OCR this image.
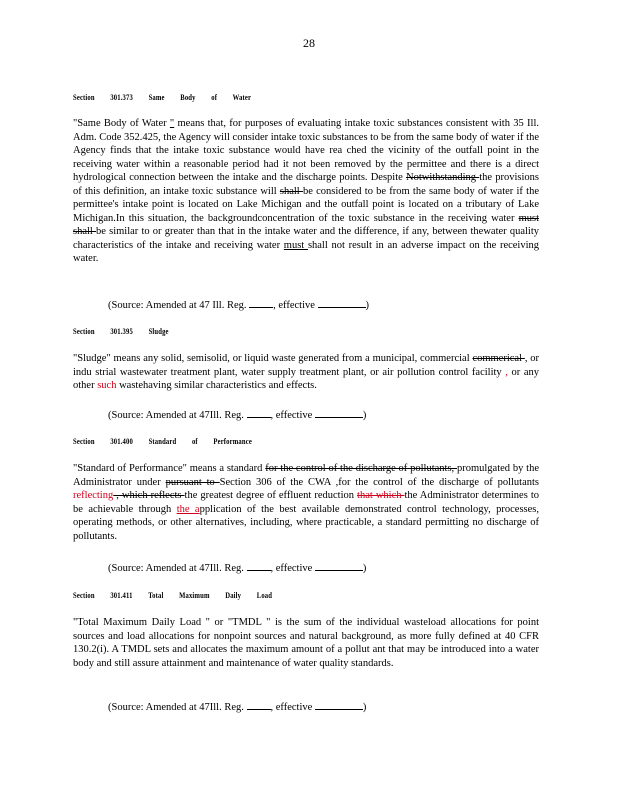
28
Section 301.373 Same Body of Water
"Same Body of Water " means that, for purposes of evaluating intake toxic substances consistent with 35 Ill. Adm. Code 352.425, the Agency will consider intake toxic substances to be from the same body of water if the Agency finds that the intake toxic substance would have rea ched the vicinity of the outfall point in the receiving water within a reasonable period had it not been removed by the permittee and there is a direct hydrological connection between the intake and the discharge points. Despite Notwithstanding the provisions of this definition, an intake toxic substance will shall be considered to be from the same body of water if the permittee's intake point is located on Lake Michigan and the outfall point is located on a tributary of Lake Michigan.In this situation, the backgroundconcentration of the toxic substance in the receiving water must shall be similar to or greater than that in the intake water and the difference, if any, between thewater quality characteristics of the intake and receiving water must shall not result in an adverse impact on the receiving water.
(Source: Amended at 47 Ill. Reg.	, effective	)
Section 301.395 Sludge
"Sludge" means any solid, semisolid, or liquid waste generated from a municipal, commercial commerical , or indu strial wastewater treatment plant, water supply treatment plant, or air pollution control facility , or any other such wastehaving similar characteristics and effects.
(Source: Amended at 47Ill. Reg.	, effective	)
Section 301.400 Standard of Performance
"Standard of Performance" means a standard for the control of the discharge of pollutants, promulgated by the Administrator under pursuant to Section 306 of the CWA ,for the control of the discharge of pollutants reflecting , which reflects the greatest degree of effluent reduction that which the Administrator determines to be achievable through the application of the best available demonstrated control technology, processes, operating methods, or other alternatives, including, where practicable, a standard permitting no discharge of pollutants.
(Source: Amended at 47Ill. Reg.	, effective	)
Section 301.411 Total Maximum Daily Load
"Total Maximum Daily Load " or "TMDL " is the sum of the individual wasteload allocations for point sources and load allocations for nonpoint sources and natural background, as more fully defined at 40 CFR 130.2(i). A TMDL sets and allocates the maximum amount of a pollut ant that may be introduced into a water body and still assure attainment and maintenance of water quality standards.
(Source: Amended at 47Ill. Reg.	, effective	)
